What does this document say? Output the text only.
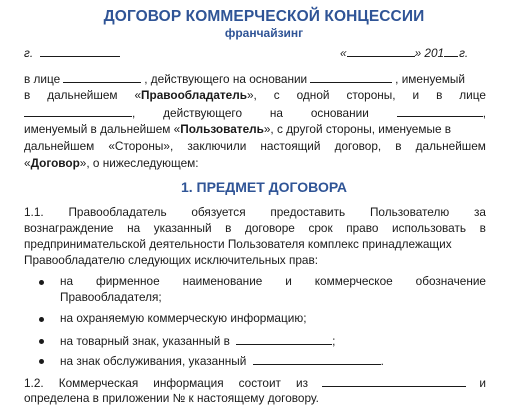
ДОГОВОР КОММЕРЧЕСКОЙ КОНЦЕССИИ
франчайзинг
г.	«	» 201 г.
в лице	, действующего на основании	, именуемый
в дальнейшем «Правообладатель», с одной стороны, и в лице
, действующего на основании	,
именуемый в дальнейшем «Пользователь», с другой стороны, именуемые в
дальнейшем «Стороны», заключили настоящий договор, в дальнейшем
«Договор», о нижеследующем:
1. ПРЕДМЕТ ДОГОВОРА
1.1. Правообладатель обязуется предоставить Пользователю за
вознаграждение на указанный в договоре срок право использовать в
предпринимательской деятельности Пользователя комплекс принадлежащих
Правообладателю следующих исключительных прав:
на фирменное наименование и коммерческое обозначение
Правообладателя;
на охраняемую коммерческую информацию;
на товарный знак, указанный в	;
на знак обслуживания, указанный	.
1.2. Коммерческая информация состоит из	и
определена в приложении № к настоящему договору.
